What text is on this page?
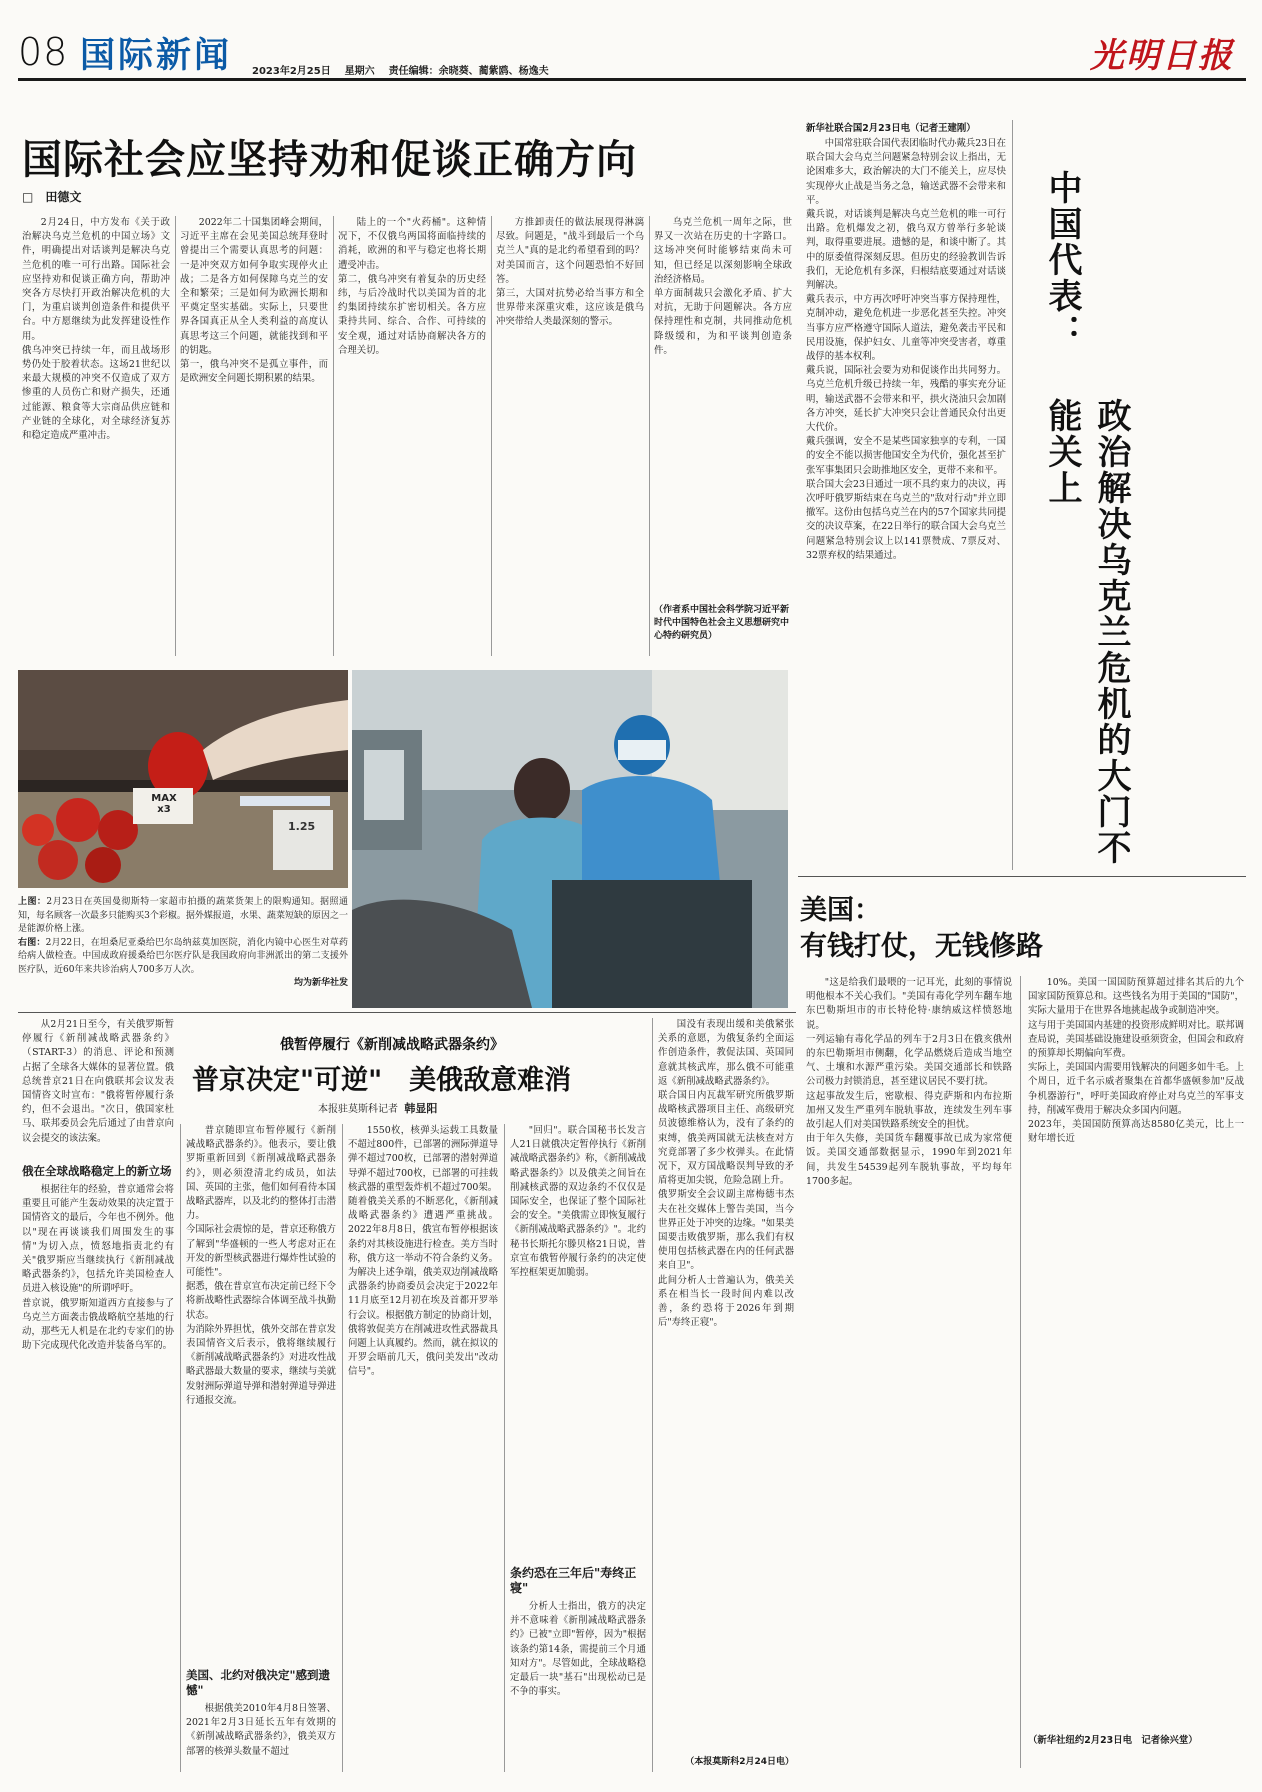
08 国际新闻 2023年2月25日 星期六 责任编辑：余晓葵、蔺紫鸥、杨逸夫	光明日报
国际社会应坚持劝和促谈正确方向
□　田德文
2月24日，中方发布《关于政治解决乌克兰危机的中国立场》文件，明确提出对话谈判是解决乌克兰危机的唯一可行出路。国际社会应坚持劝和促谈正确方向，帮助冲突各方尽快打开政治解决危机的大门，为重启谈判创造条件和提供平台。中方愿继续为此发挥建设性作用。
俄乌冲突已持续一年，而且战场形势仍处于胶着状态。这场21世纪以来最大规模的冲突不仅造成了双方惨重的人员伤亡和财产损失，还通过能源、粮食等大宗商品供应链和产业链的全球化，对全球经济复苏和稳定造成严重冲击。
2022年二十国集团峰会期间，习近平主席在会见美国总统拜登时曾提出三个需要认真思考的问题：一是冲突双方如何争取实现停火止战；二是各方如何保障乌克兰的安全和繁荣；三是如何为欧洲长期和平奠定坚实基础。实际上，只要世界各国真正从全人类利益的高度认真思考这三个问题，就能找到和平的钥匙。
第一，俄乌冲突不是孤立事件，而是欧洲安全问题长期积累的结果。
陆上的一个"火药桶"。这种情况下，不仅俄乌两国将面临持续的消耗，欧洲的和平与稳定也将长期遭受冲击。
第二，俄乌冲突有着复杂的历史经纬，与后冷战时代以美国为首的北约集团持续东扩密切相关。各方应秉持共同、综合、合作、可持续的安全观，通过对话协商解决各方的合理关切。
方推卸责任的做法展现得淋漓尽致。问题是，"战斗到最后一个乌克兰人"真的是北约希望看到的吗？对美国而言，这个问题恐怕不好回答。
第三，大国对抗势必给当事方和全世界带来深重灾难，这应该是俄乌冲突带给人类最深刻的警示。
乌克兰危机一周年之际，世界又一次站在历史的十字路口。这场冲突何时能够结束尚未可知，但已经足以深刻影响全球政治经济格局。
单方面制裁只会激化矛盾、扩大对抗，无助于问题解决。各方应保持理性和克制，共同推动危机降级缓和，为和平谈判创造条件。
（作者系中国社会科学院习近平新时代中国特色社会主义思想研究中心特约研究员）
新华社联合国2月23日电（记者王建刚）
中国常驻联合国代表团临时代办戴兵23日在联合国大会乌克兰问题紧急特别会议上指出，无论困难多大，政治解决的大门不能关上，应尽快实现停火止战是当务之急，输送武器不会带来和平。
戴兵说，对话谈判是解决乌克兰危机的唯一可行出路。危机爆发之初，俄乌双方曾举行多轮谈判，取得重要进展。遗憾的是，和谈中断了。其中的原委值得深刻反思。但历史的经验教训告诉我们，无论危机有多深，归根结底要通过对话谈判解决。
戴兵表示，中方再次呼吁冲突当事方保持理性，克制冲动，避免危机进一步恶化甚至失控。冲突当事方应严格遵守国际人道法，避免袭击平民和民用设施，保护妇女、儿童等冲突受害者，尊重战俘的基本权利。
戴兵说，国际社会要为劝和促谈作出共同努力。乌克兰危机升级已持续一年，残酷的事实充分证明，输送武器不会带来和平，拱火浇油只会加剧各方冲突，延长扩大冲突只会让普通民众付出更大代价。
戴兵强调，安全不是某些国家独享的专利，一国的安全不能以损害他国安全为代价，强化甚至扩张军事集团只会助推地区安全，更带不来和平。
联合国大会23日通过一项不具约束力的决议，再次呼吁俄罗斯结束在乌克兰的"敌对行动"并立即撤军。这份由包括乌克兰在内的57个国家共同提交的决议草案，在22日举行的联合国大会乌克兰问题紧急特别会议上以141票赞成、7票反对、32票弃权的结果通过。
中国代表：
政治解决乌克兰危机的大门不能关上
MAX x3
1.25
上图：2月23日在英国曼彻斯特一家超市拍摄的蔬菜货架上的限购通知。据照通知，每名顾客一次最多只能购买3个彩椒。据外媒报道，水果、蔬菜短缺的原因之一是能源价格上涨。
右图：2月22日，在坦桑尼亚桑给巴尔岛纳兹莫加医院，消化内镜中心医生对草药给病人做检查。中国成政府援桑给巴尔医疗队是我国政府向非洲派出的第二支援外医疗队，近60年来共诊治病人700多万人次。
均为新华社发
美国：
有钱打仗，无钱修路
"这是给我们最喂的一记耳光，此刻的事情说明他根本不关心我们。"美国有毒化学列车翻车地东巴勒斯坦市的市长特伦特·康纳威这样愤怒地说。
一列运输有毒化学品的列车于2月3日在俄亥俄州的东巴勒斯坦市侧翻，化学品燃烧后造成当地空气、土壤和水源严重污染。美国交通部长和铁路公司极力封锁消息，甚至建议居民不要打扰。
这起事故发生后，密歇根、得克萨斯和内布拉斯加州又发生严重列车脱轨事故，连续发生列车事故引起人们对美国铁路系统安全的担忧。
由于年久失修，美国货车翻覆事故已成为家常便饭。美国交通部数据显示，1990年到2021年间，共发生54539起列车脱轨事故，平均每年1700多起。
10%。美国一国国防预算超过排名其后的九个国家国防预算总和。这些钱名为用于美国的"国防"，实际大量用于在世界各地挑起战争或制造冲突。
这与用于美国国内基建的投资形成鲜明对比。联邦调查局说，美国基础设施建设亟须资金，但国会和政府的预算却长期偏向军费。
实际上，美国国内需要用钱解决的问题多如牛毛。上个周日，近千名示威者聚集在首都华盛顿参加"反战争机器游行"，呼吁美国政府停止对乌克兰的军事支持，削减军费用于解决众多国内问题。
2023年，美国国防预算高达8580亿美元，比上一财年增长近
（新华社纽约2月23日电　记者徐兴堂）
从2月21日至今，有关俄罗斯暂停履行《新削减战略武器条约》（START-3）的消息、评论和预测占据了全球各大媒体的显著位置。俄总统普京21日在向俄联邦会议发表国情咨文时宣布："俄将暂停履行条约，但不会退出。"次日，俄国家杜马、联邦委员会先后通过了由普京向议会提交的该法案。
俄暂停履行《新削减战略武器条约》
普京决定"可逆"　美俄敌意难消
本报驻莫斯科记者 韩显阳
俄在全球战略稳定上的新立场
根据往年的经验，普京通常会将重要且可能产生轰动效果的决定置于国情咨文的最后，今年也不例外。他以"现在再谈谈我们周围发生的事情"为切入点，愤怒地指责北约有关"俄罗斯应当继续执行《新削减战略武器条约》，包括允许美国检查人员进入核设施"的所谓呼吁。
普京说，俄罗斯知道西方直接参与了乌克兰方面袭击俄战略航空基地的行动，那些无人机是在北约专家们的协助下完成现代化改造并装备乌军的。
普京随即宣布暂停履行《新削减战略武器条约》。他表示，要让俄罗斯重新回到《新削减战略武器条约》，则必须澄清北约成员，如法国、英国的主张，他们如何看待本国战略武器库，以及北约的整体打击潜力。
今国际社会震惊的是，普京还称俄方了解到"华盛顿的一些人考虑对正在开发的新型核武器进行爆炸性试验的可能性"。
据悉，俄在普京宣布决定前已经下令将新战略性武器综合体调至战斗执勤状态。
为消除外界担忧，俄外交部在普京发表国情咨文后表示，俄将继续履行《新削减战略武器条约》对进攻性战略武器最大数量的要求，继续与美就发射洲际弹道导弹和潜射弹道导弹进行通报交流。
美国、北约对俄决定"感到遗憾"
根据俄美2010年4月8日签署、2021年2月3日延长五年有效期的《新削减战略武器条约》，俄美双方部署的核弹头数量不超过
1550枚，核弹头运载工具数量不超过800件，已部署的洲际弹道导弹不超过700枚，已部署的潜射弹道导弹不超过700枚，已部署的可挂载核武器的重型轰炸机不超过700架。
随着俄美关系的不断恶化，《新削减战略武器条约》遭遇严重挑战。2022年8月8日，俄宣布暂停根据该条约对其核设施进行检查。美方当时称，俄方这一举动不符合条约义务。
为解决上述争端，俄美双边削减战略武器条约协商委员会决定于2022年11月底至12月初在埃及首都开罗举行会议。根据俄方制定的协商计划，俄将敦促美方在削减进攻性武器裁具问题上认真履约。然而，就在拟议的开罗会晤前几天，俄问美发出"改动信号"。
"回归"。联合国秘书长发言人21日就俄决定暂停执行《新削减战略武器条约》称，《新削减战略武器条约》以及俄美之间旨在削减核武器的双边条约不仅仅是国际安全，也保证了整个国际社会的安全。"美俄需立即恢复履行《新削减战略武器条约》"。北约秘书长斯托尔滕贝格21日说，普京宣布俄暂停履行条约的决定使军控框架更加脆弱。
条约恐在三年后"寿终正寝"
分析人士指出，俄方的决定并不意味着《新削减战略武器条约》已被"立即"暂停，因为"根据该条约第14条，需提前三个月通知对方"。尽管如此，全球战略稳定最后一块"基石"出现松动已是不争的事实。
国没有表现出缓和美俄紧张关系的意愿，为俄复条约全面运作创造条件，教促法国、英国同意就其核武库，那么俄不可能重返《新削减战略武器条约》。
联合国日内瓦裁军研究所俄罗斯战略核武器项目主任、高级研究员波德维格认为，没有了条约的束缚，俄美两国就无法核查对方究竟部署了多少枚弹头。在此情况下，双方国战略误判导致的矛盾将更加尖锐，危险急剧上升。
俄罗斯安全会议副主席梅德韦杰夫在社交媒体上警告美国，当今世界正处于冲突的边缘。"如果美国要击败俄罗斯，那么我们有权使用包括核武器在内的任何武器来自卫"。
此间分析人士普遍认为，俄美关系在相当长一段时间内难以改善，条约恐将于2026年到期后"寿终正寝"。
（本报莫斯科2月24日电）
